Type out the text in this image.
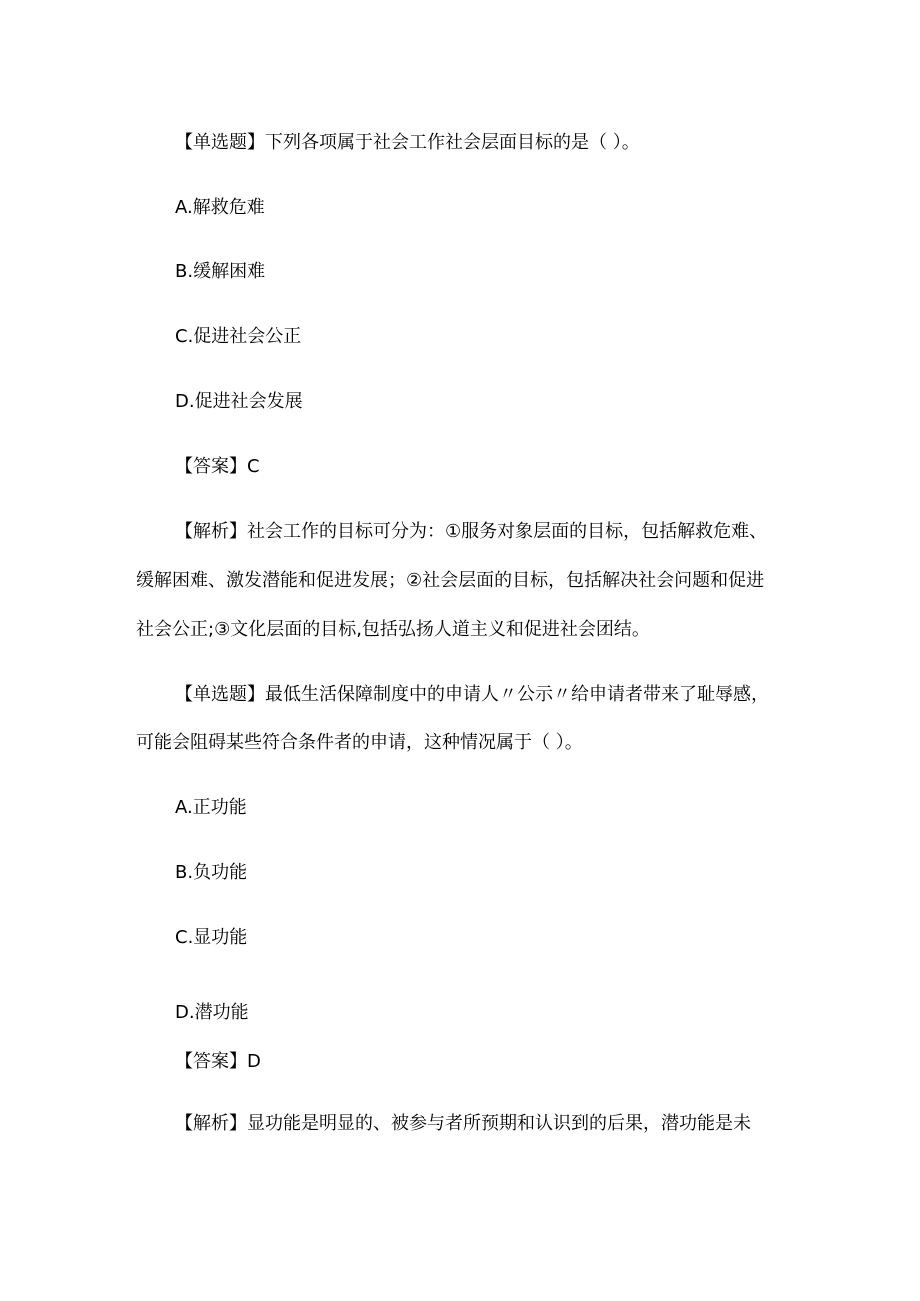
【单选题】下列各项属于社会工作社会层面目标的是（ ）。

A.解救危难

B.缓解困难

C.促进社会公正

D.促进社会发展

【答案】C

【解析】社会工作的目标可分为：①服务对象层面的目标，包括解救危难、

缓解困难、激发潜能和促进发展；②社会层面的目标，包括解决社会问题和促进

社会公正;③文化层面的目标,包括弘扬人道主义和促进社会团结。

【单选题】最低生活保障制度中的申请人〃公示〃给申请者带来了耻辱感，

可能会阻碍某些符合条件者的申请，这种情况属于（ ）。

A.正功能

B.负功能

C.显功能

D.潜功能

【答案】D

【解析】显功能是明显的、被参与者所预期和认识到的后果，潜功能是未
